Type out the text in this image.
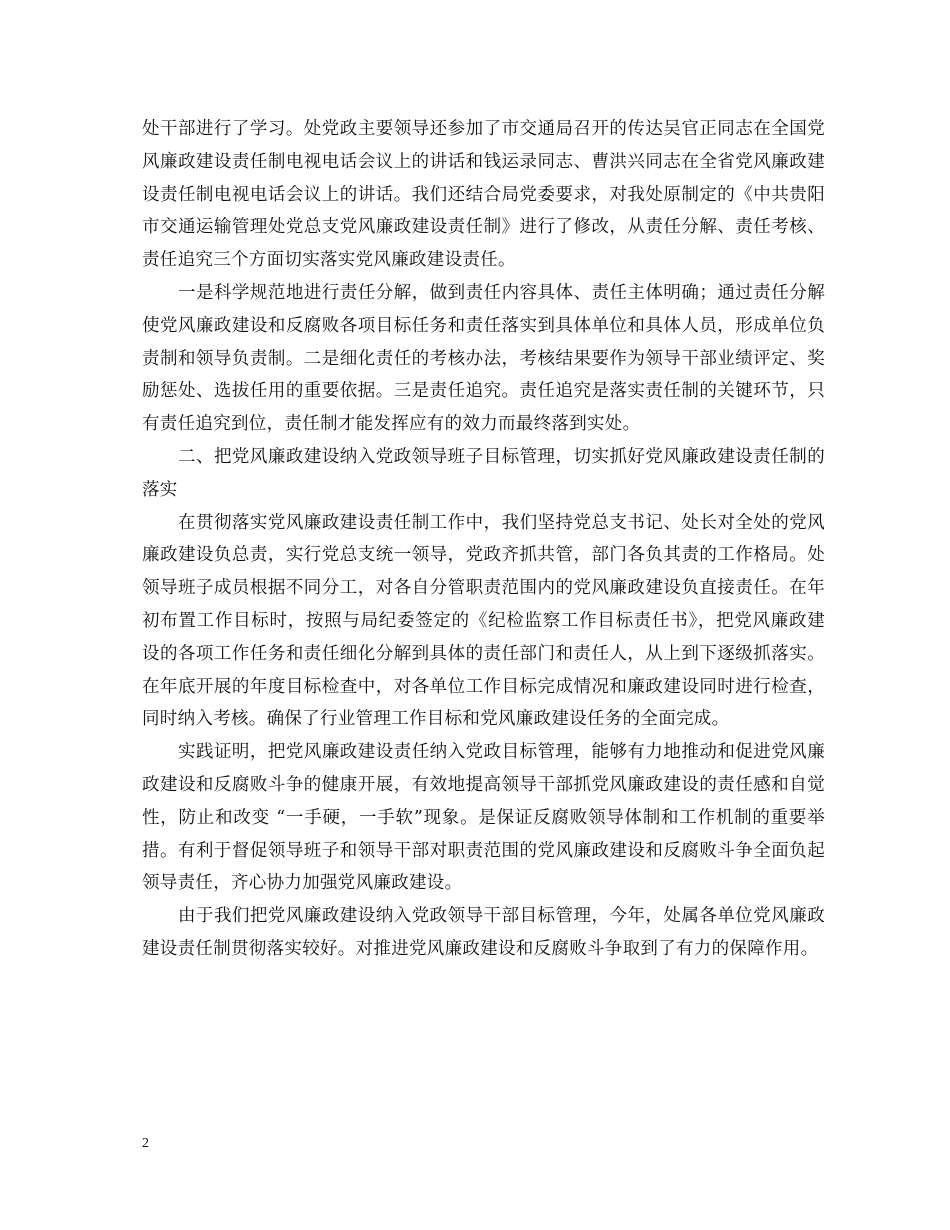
处干部进行了学习。处党政主要领导还参加了市交通局召开的传达吴官正同志在全国党风廉政建设责任制电视电话会议上的讲话和钱运录同志、曹洪兴同志在全省党风廉政建设责任制电视电话会议上的讲话。我们还结合局党委要求，对我处原制定的《中共贵阳市交通运输管理处党总支党风廉政建设责任制》进行了修改，从责任分解、责任考核、责任追究三个方面切实落实党风廉政建设责任。

一是科学规范地进行责任分解，做到责任内容具体、责任主体明确；通过责任分解使党风廉政建设和反腐败各项目标任务和责任落实到具体单位和具体人员，形成单位负责制和领导负责制。二是细化责任的考核办法，考核结果要作为领导干部业绩评定、奖励惩处、选拔任用的重要依据。三是责任追究。责任追究是落实责任制的关键环节，只有责任追究到位，责任制才能发挥应有的效力而最终落到实处。

二、把党风廉政建设纳入党政领导班子目标管理，切实抓好党风廉政建设责任制的落实

在贯彻落实党风廉政建设责任制工作中，我们坚持党总支书记、处长对全处的党风廉政建设负总责，实行党总支统一领导，党政齐抓共管，部门各负其责的工作格局。处领导班子成员根据不同分工，对各自分管职责范围内的党风廉政建设负直接责任。在年初布置工作目标时，按照与局纪委签定的《纪检监察工作目标责任书》，把党风廉政建设的各项工作任务和责任细化分解到具体的责任部门和责任人，从上到下逐级抓落实。在年底开展的年度目标检查中，对各单位工作目标完成情况和廉政建设同时进行检查，同时纳入考核。确保了行业管理工作目标和党风廉政建设任务的全面完成。

实践证明，把党风廉政建设责任纳入党政目标管理，能够有力地推动和促进党风廉政建设和反腐败斗争的健康开展，有效地提高领导干部抓党风廉政建设的责任感和自觉性，防止和改变 “一手硬，一手软”现象。是保证反腐败领导体制和工作机制的重要举措。有利于督促领导班子和领导干部对职责范围的党风廉政建设和反腐败斗争全面负起领导责任，齐心协力加强党风廉政建设。

由于我们把党风廉政建设纳入党政领导干部目标管理，今年，处属各单位党风廉政建设责任制贯彻落实较好。对推进党风廉政建设和反腐败斗争取到了有力的保障作用。

2
